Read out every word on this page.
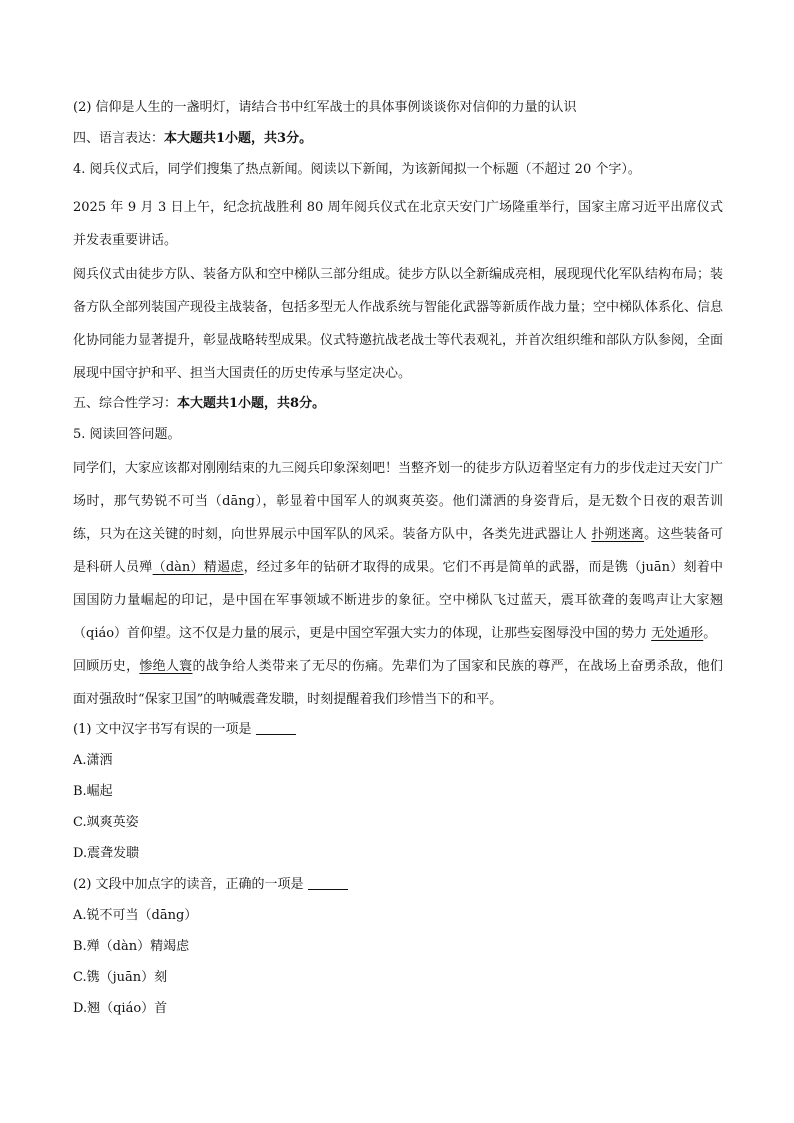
(2) 信仰是人生的一盏明灯，请结合书中红军战士的具体事例谈谈你对信仰的力量的认识

四、语言表达：本大题共1小题，共3分。

4. 阅兵仪式后，同学们搜集了热点新闻。阅读以下新闻，为该新闻拟一个标题（不超过 20 个字）。

2025 年 9 月 3 日上午，纪念抗战胜利 80 周年阅兵仪式在北京天安门广场隆重举行，国家主席习近平出席仪式并发表重要讲话。

阅兵仪式由徒步方队、装备方队和空中梯队三部分组成。徒步方队以全新编成亮相，展现现代化军队结构布局；装备方队全部列装国产现役主战装备，包括多型无人作战系统与智能化武器等新质作战力量；空中梯队体系化、信息化协同能力显著提升，彰显战略转型成果。仪式特邀抗战老战士等代表观礼，并首次组织维和部队方队参阅，全面展现中国守护和平、担当大国责任的历史传承与坚定决心。

五、综合性学习：本大题共1小题，共8分。

5. 阅读回答问题。

同学们，大家应该都对刚刚结束的九三阅兵印象深刻吧！当整齐划一的徒步方队迈着坚定有力的步伐走过天安门广场时，那气势锐不可当（dāng），彰显着中国军人的飒爽英姿。他们潇洒的身姿背后，是无数个日夜的艰苦训练，只为在这关键的时刻，向世界展示中国军队的风采。装备方队中，各类先进武器让人 扑朔迷离。这些装备可是科研人员殚（dàn）精遏虑，经过多年的钻研才取得的成果。它们不再是简单的武器，而是镌（juān）刻着中国国防力量崛起的印记，是中国在军事领域不断进步的象征。空中梯队飞过蓝天，震耳欲聋的轰鸣声让大家翘（qiáo）首仰望。这不仅是力量的展示，更是中国空军强大实力的体现，让那些妄图辱没中国的势力 无处遁形。

回顾历史，惨绝人寰的战争给人类带来了无尽的伤痛。先辈们为了国家和民族的尊严，在战场上奋勇杀敌，他们面对强敌时“保家卫国”的呐喊震聋发聩，时刻提醒着我们珍惜当下的和平。

(1) 文中汉字书写有误的一项是

A.潇洒

B.崛起

C.飒爽英姿

D.震聋发聩

(2) 文段中加点字的读音，正确的一项是

A.锐不可当（dāng）

B.殚（dàn）精竭虑

C.镌（juān）刻

D.翘（qiáo）首
